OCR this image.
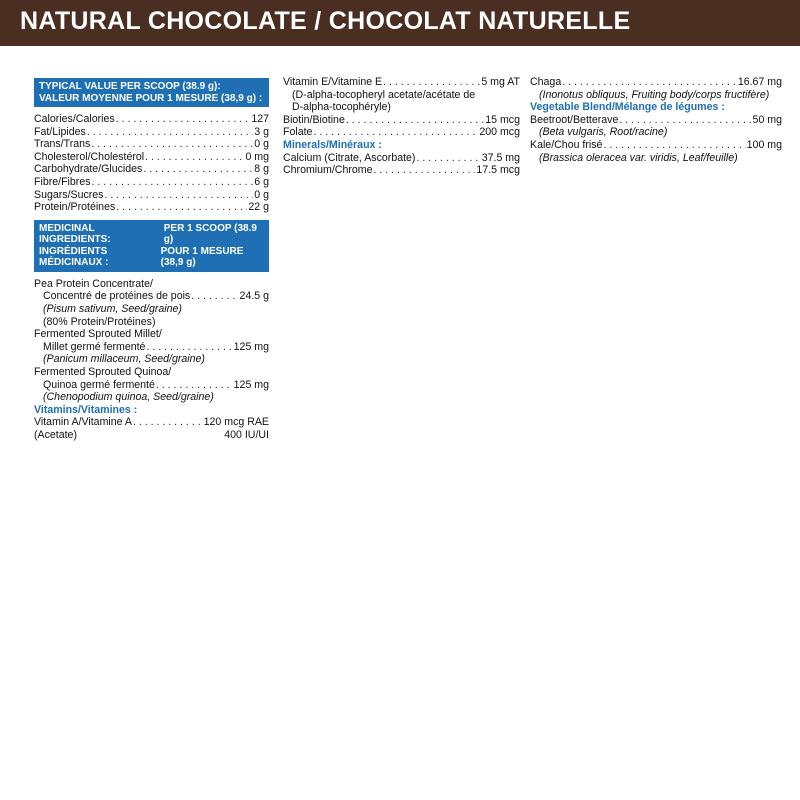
NATURAL CHOCOLATE / CHOCOLAT NATURELLE
TYPICAL VALUE PER SCOOP (38.9 g):
VALEUR MOYENNE POUR 1 MESURE (38,9 g) :
Calories/Calories . . .	127
Fat/Lipides . . .	3 g
Trans/Trans . . .	0 g
Cholesterol/Cholestérol . . .	0 mg
Carbohydrate/Glucides . . .	8 g
Fibre/Fibres . . .	6 g
Sugars/Sucres . . .	0 g
Protein/Protéines . . .	22 g
MEDICINAL INGREDIENTS:
PER 1 SCOOP (38.9 g)
INGRÉDIENTS MÉDICINAUX :
POUR 1 MESURE (38,9 g)
Pea Protein Concentrate/
Concentré de protéines de pois . . .	24.5 g
(Pisum sativum, Seed/graine)
(80% Protein/Protéines)
Fermented Sprouted Millet/
Millet germé fermenté . . .	125 mg
(Panicum millaceum, Seed/graine)
Fermented Sprouted Quinoa/
Quinoa germé fermenté . . .	125 mg
(Chenopodium quinoa, Seed/graine)
Vitamins/Vitamines :
Vitamin A/Vitamine A . . .	120 mcg RAE
(Acetate)	400 IU/UI
Vitamin E/Vitamine E . . .	5 mg AT
(D-alpha-tocopheryl acetate/acétate de
D-alpha-tocophéryle)
Biotin/Biotine . . .	15 mcg
Folate . . .	200 mcg
Minerals/Minéraux :
Calcium (Citrate, Ascorbate) . . .	37.5 mg
Chromium/Chrome . . .	17.5 mcg
Chaga . . .	16.67 mg
(Inonotus obliquus, Fruiting body/corps fructifère)
Vegetable Blend/Mélange de légumes :
Beetroot/Betterave . . .	50 mg
(Beta vulgaris, Root/racine)
Kale/Chou frisé . . .	100 mg
(Brassica oleracea var. viridis, Leaf/feuille)
